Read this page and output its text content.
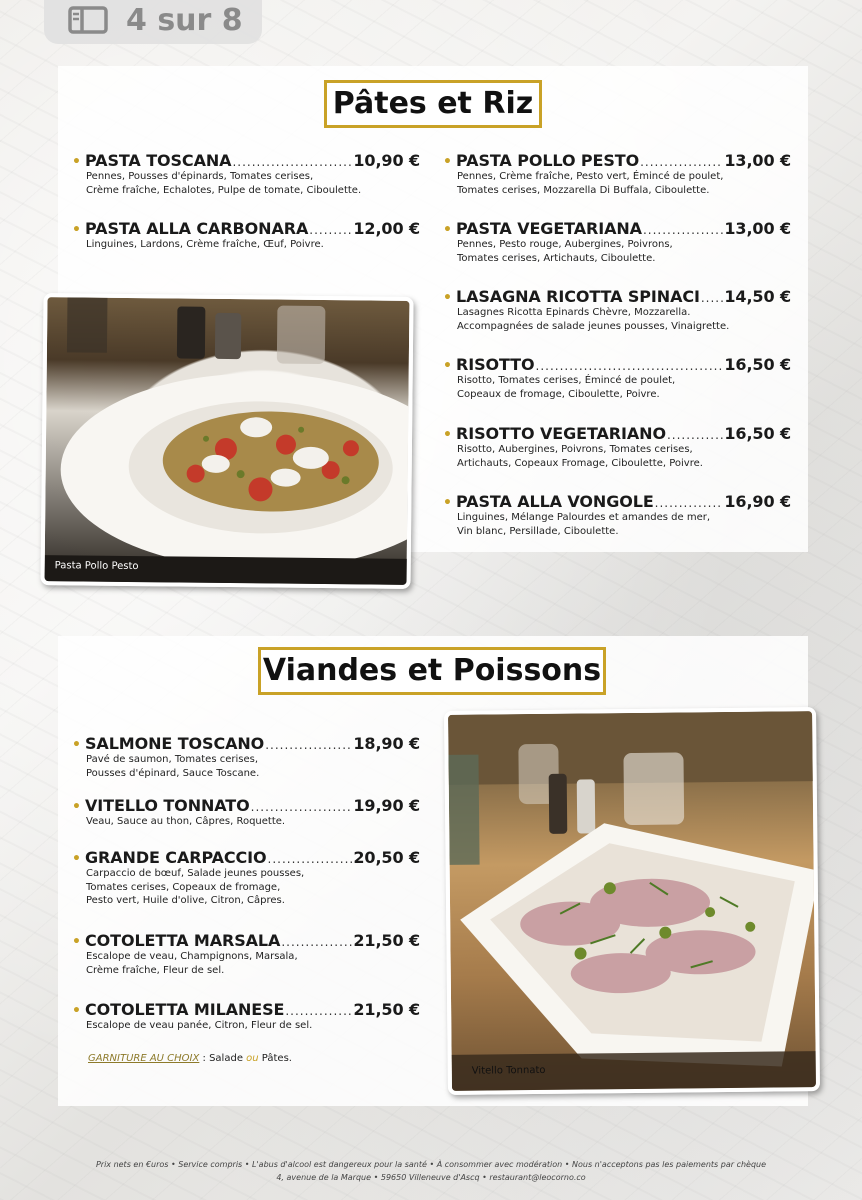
4 sur 8
Pâtes et Riz
Viandes et Poissons
• PASTA TOSCANA .....	10,90 €
Pennes, Pousses d'épinards, Tomates cerises,
Crème fraîche, Echalotes, Pulpe de tomate, Ciboulette.
• PASTA ALLA CARBONARA .....	12,00 €
Linguines, Lardons, Crème fraîche, Œuf, Poivre.
• PASTA POLLO PESTO .....	13,00 €
Pennes, Crème fraîche, Pesto vert, Émincé de poulet,
Tomates cerises, Mozzarella Di Buffala, Ciboulette.
• PASTA VEGETARIANA .....	13,00 €
Pennes, Pesto rouge, Aubergines, Poivrons,
Tomates cerises, Artichauts, Ciboulette.
• LASAGNA RICOTTA SPINACI ..... 14,50 €
Lasagnes Ricotta Epinards Chèvre, Mozzarella.
Accompagnées de salade jeunes pousses, Vinaigrette.
• RISOTTO .....	16,50 €
Risotto, Tomates cerises, Émincé de poulet,
Copeaux de fromage, Ciboulette, Poivre.
• RISOTTO VEGETARIANO .....	16,50 €
Risotto, Aubergines, Poivrons, Tomates cerises,
Artichauts, Copeaux Fromage, Ciboulette, Poivre.
• PASTA ALLA VONGOLE .....	16,90 €
Linguines, Mélange Palourdes et amandes de mer,
Vin blanc, Persillade, Ciboulette.
• SALMONE TOSCANO .....	18,90 €
Pavé de saumon, Tomates cerises,
Pousses d'épinard, Sauce Toscane.
• VITELLO TONNATO .....	19,90 €
Veau, Sauce au thon, Câpres, Roquette.
• GRANDE CARPACCIO .....	20,50 €
Carpaccio de bœuf, Salade jeunes pousses,
Tomates cerises, Copeaux de fromage,
Pesto vert, Huile d'olive, Citron, Câpres.
• COTOLETTA MARSALA .....	21,50 €
Escalope de veau, Champignons, Marsala,
Crème fraîche, Fleur de sel.
• COTOLETTA MILANESE .....	21,50 €
Escalope de veau panée, Citron, Fleur de sel.
GARNITURE AU CHOIX : Salade ou Pâtes.
Pasta Pollo Pesto
Vitello Tonnato
Prix nets en €uros • Service compris • L'abus d'alcool est dangereux pour la santé • À consommer avec modération • Nous n'acceptons pas les paiements par chèque
4, avenue de la Marque • 59650 Villeneuve d'Ascq • restaurant@leocorno.co
